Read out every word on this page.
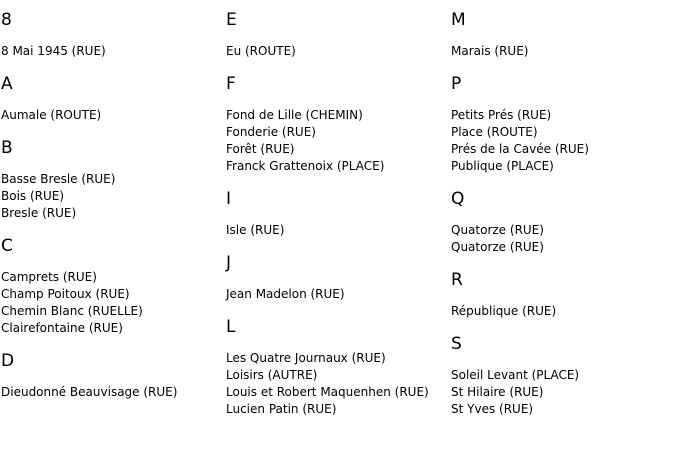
8
8 Mai 1945 (RUE)
A
Aumale (ROUTE)
B
Basse Bresle (RUE)
Bois (RUE)
Bresle (RUE)
C
Camprets (RUE)
Champ Poitoux (RUE)
Chemin Blanc (RUELLE)
Clairefontaine (RUE)
D
Dieudonné Beauvisage (RUE)
E
Eu (ROUTE)
F
Fond de Lille (CHEMIN)
Fonderie (RUE)
Forêt (RUE)
Franck Grattenoix (PLACE)
I
Isle (RUE)
J
Jean Madelon (RUE)
L
Les Quatre Journaux (RUE)
Loisirs (AUTRE)
Louis et Robert Maquenhen (RUE)
Lucien Patin (RUE)
M
Marais (RUE)
P
Petits Prés (RUE)
Place (ROUTE)
Prés de la Cavée (RUE)
Publique (PLACE)
Q
Quatorze (RUE)
Quatorze (RUE)
R
République (RUE)
S
Soleil Levant (PLACE)
St Hilaire (RUE)
St Yves (RUE)
